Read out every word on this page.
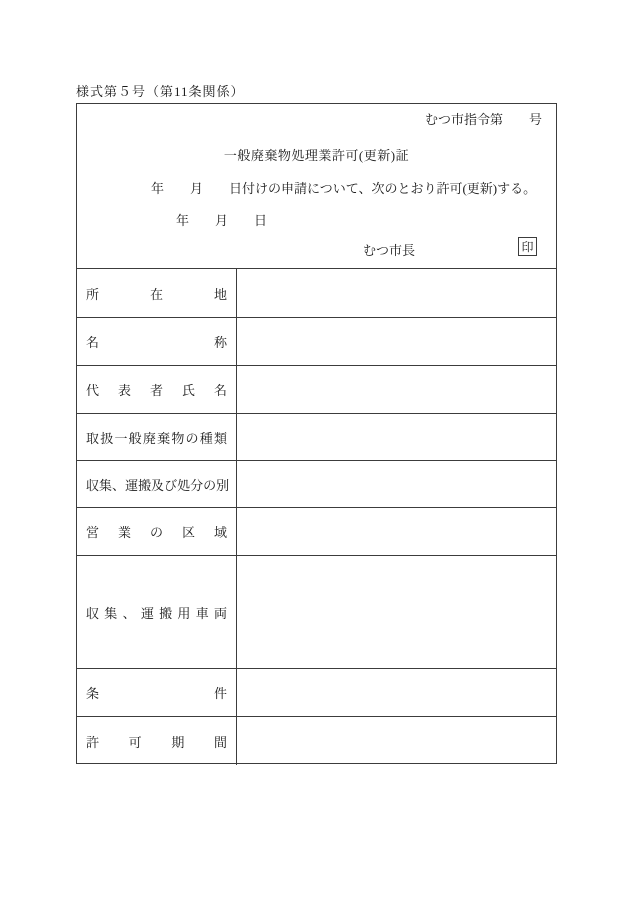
様式第５号（第11条関係）
むつ市指令第　　号
一般廃棄物処理業許可(更新)証
年　　月　　日付けの申請について、次のとおり許可(更新)する。
年　　月　　日
むつ市長	印
所	在	地
名	称
代 表 者 氏 名
取 扱 一 般 廃 棄 物 の 種 類
収 集 、 運 搬 及 び 処 分 の 別
営 業 の 区 域
収 集 、 運 搬 用 車 両
条	件
許 可 期 間
